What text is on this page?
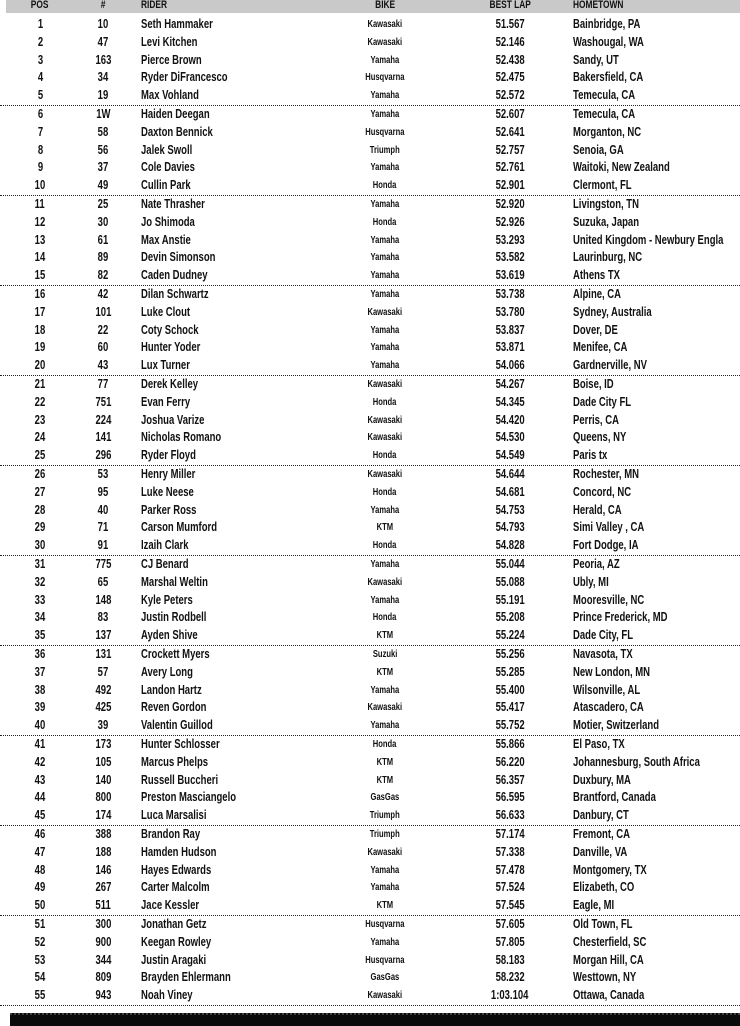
POS	#	RIDER	BIKE	BEST LAP	HOMETOWN
1	10	Seth Hammaker	Kawasaki	51.567	Bainbridge, PA
2	47	Levi Kitchen	Kawasaki	52.146	Washougal, WA
3	163	Pierce Brown	Yamaha	52.438	Sandy, UT
4	34	Ryder DiFrancesco	Husqvarna	52.475	Bakersfield, CA
5	19	Max Vohland	Yamaha	52.572	Temecula, CA
6	1W	Haiden Deegan	Yamaha	52.607	Temecula, CA
7	58	Daxton Bennick	Husqvarna	52.641	Morganton, NC
8	56	Jalek Swoll	Triumph	52.757	Senoia, GA
9	37	Cole Davies	Yamaha	52.761	Waitoki, New Zealand
10	49	Cullin Park	Honda	52.901	Clermont, FL
11	25	Nate Thrasher	Yamaha	52.920	Livingston, TN
12	30	Jo Shimoda	Honda	52.926	Suzuka, Japan
13	61	Max Anstie	Yamaha	53.293	United Kingdom - Newbury Engla
14	89	Devin Simonson	Yamaha	53.582	Laurinburg, NC
15	82	Caden Dudney	Yamaha	53.619	Athens TX
16	42	Dilan Schwartz	Yamaha	53.738	Alpine, CA
17	101	Luke Clout	Kawasaki	53.780	Sydney, Australia
18	22	Coty Schock	Yamaha	53.837	Dover, DE
19	60	Hunter Yoder	Yamaha	53.871	Menifee, CA
20	43	Lux Turner	Yamaha	54.066	Gardnerville, NV
21	77	Derek Kelley	Kawasaki	54.267	Boise, ID
22	751	Evan Ferry	Honda	54.345	Dade City FL
23	224	Joshua Varize	Kawasaki	54.420	Perris, CA
24	141	Nicholas Romano	Kawasaki	54.530	Queens, NY
25	296	Ryder Floyd	Honda	54.549	Paris tx
26	53	Henry Miller	Kawasaki	54.644	Rochester, MN
27	95	Luke Neese	Honda	54.681	Concord, NC
28	40	Parker Ross	Yamaha	54.753	Herald, CA
29	71	Carson Mumford	KTM	54.793	Simi Valley , CA
30	91	Izaih Clark	Honda	54.828	Fort Dodge, IA
31	775	CJ Benard	Yamaha	55.044	Peoria, AZ
32	65	Marshal Weltin	Kawasaki	55.088	Ubly, MI
33	148	Kyle Peters	Yamaha	55.191	Mooresville, NC
34	83	Justin Rodbell	Honda	55.208	Prince Frederick, MD
35	137	Ayden Shive	KTM	55.224	Dade City, FL
36	131	Crockett Myers	Suzuki	55.256	Navasota, TX
37	57	Avery Long	KTM	55.285	New London, MN
38	492	Landon Hartz	Yamaha	55.400	Wilsonville, AL
39	425	Reven Gordon	Kawasaki	55.417	Atascadero, CA
40	39	Valentin Guillod	Yamaha	55.752	Motier, Switzerland
41	173	Hunter Schlosser	Honda	55.866	El Paso, TX
42	105	Marcus Phelps	KTM	56.220	Johannesburg, South Africa
43	140	Russell Buccheri	KTM	56.357	Duxbury, MA
44	800	Preston Masciangelo	GasGas	56.595	Brantford, Canada
45	174	Luca Marsalisi	Triumph	56.633	Danbury, CT
46	388	Brandon Ray	Triumph	57.174	Fremont, CA
47	188	Hamden Hudson	Kawasaki	57.338	Danville, VA
48	146	Hayes Edwards	Yamaha	57.478	Montgomery, TX
49	267	Carter Malcolm	Yamaha	57.524	Elizabeth, CO
50	511	Jace Kessler	KTM	57.545	Eagle, MI
51	300	Jonathan Getz	Husqvarna	57.605	Old Town, FL
52	900	Keegan Rowley	Yamaha	57.805	Chesterfield, SC
53	344	Justin Aragaki	Husqvarna	58.183	Morgan Hill, CA
54	809	Brayden Ehlermann	GasGas	58.232	Westtown, NY
55	943	Noah Viney	Kawasaki	1:03.104	Ottawa, Canada
